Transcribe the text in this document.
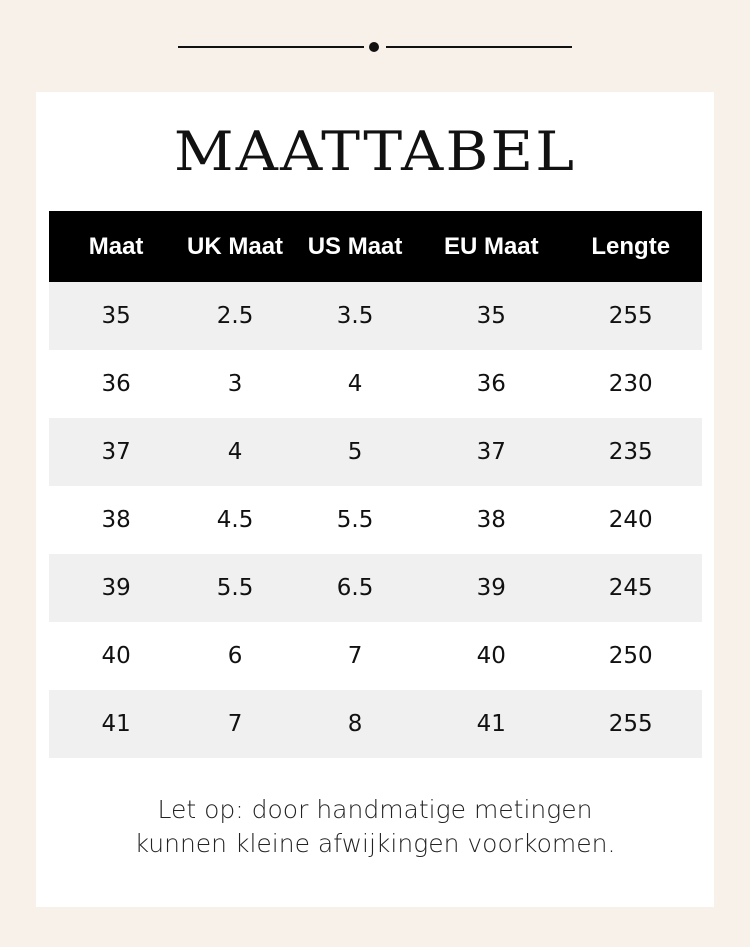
MAATTABEL
Maat	UK Maat	US Maat	EU Maat	Lengte
35	2.5	3.5	35	255
36	3	4	36	230
37	4	5	37	235
38	4.5	5.5	38	240
39	5.5	6.5	39	245
40	6	7	40	250
41	7	8	41	255
Let op: door handmatige metingen
kunnen kleine afwijkingen voorkomen.
